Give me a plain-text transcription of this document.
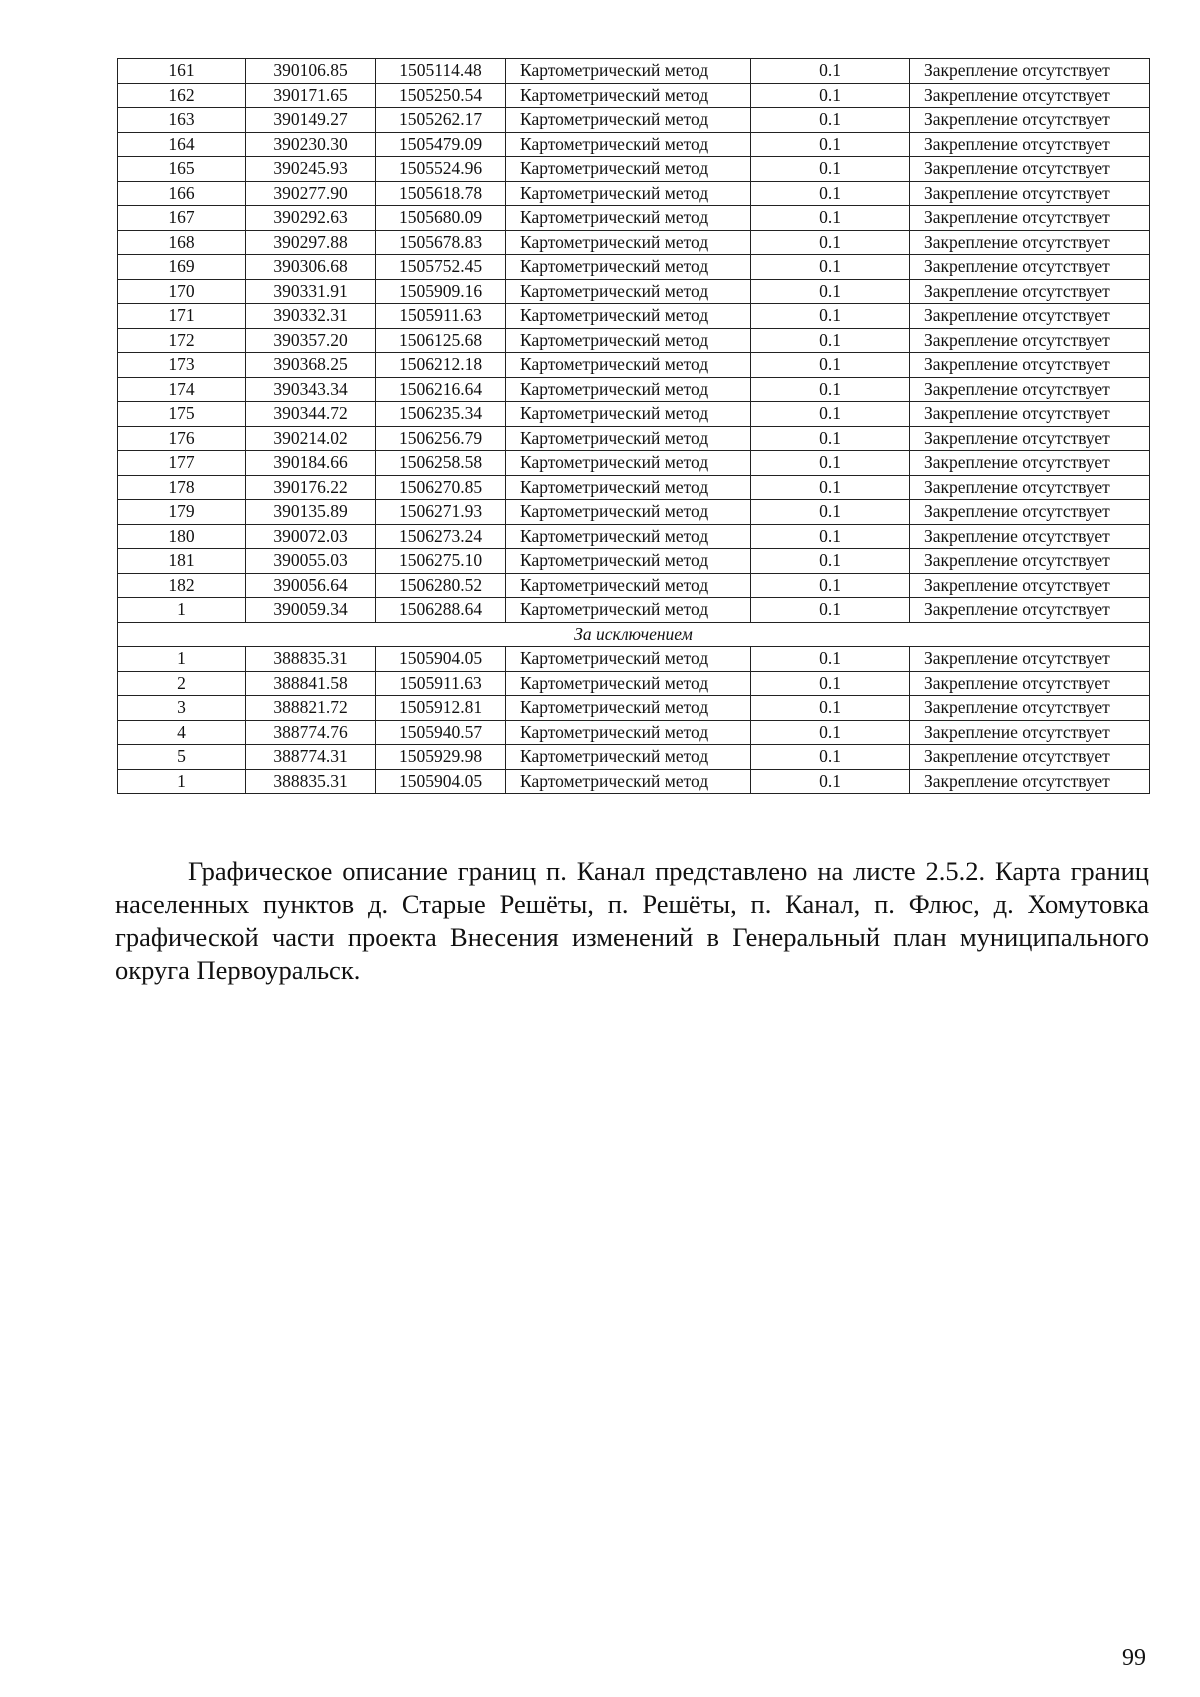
161	390106.85	1505114.48	Картометрический метод	0.1	Закрепление отсутствует
162	390171.65	1505250.54	Картометрический метод	0.1	Закрепление отсутствует
163	390149.27	1505262.17	Картометрический метод	0.1	Закрепление отсутствует
164	390230.30	1505479.09	Картометрический метод	0.1	Закрепление отсутствует
165	390245.93	1505524.96	Картометрический метод	0.1	Закрепление отсутствует
166	390277.90	1505618.78	Картометрический метод	0.1	Закрепление отсутствует
167	390292.63	1505680.09	Картометрический метод	0.1	Закрепление отсутствует
168	390297.88	1505678.83	Картометрический метод	0.1	Закрепление отсутствует
169	390306.68	1505752.45	Картометрический метод	0.1	Закрепление отсутствует
170	390331.91	1505909.16	Картометрический метод	0.1	Закрепление отсутствует
171	390332.31	1505911.63	Картометрический метод	0.1	Закрепление отсутствует
172	390357.20	1506125.68	Картометрический метод	0.1	Закрепление отсутствует
173	390368.25	1506212.18	Картометрический метод	0.1	Закрепление отсутствует
174	390343.34	1506216.64	Картометрический метод	0.1	Закрепление отсутствует
175	390344.72	1506235.34	Картометрический метод	0.1	Закрепление отсутствует
176	390214.02	1506256.79	Картометрический метод	0.1	Закрепление отсутствует
177	390184.66	1506258.58	Картометрический метод	0.1	Закрепление отсутствует
178	390176.22	1506270.85	Картометрический метод	0.1	Закрепление отсутствует
179	390135.89	1506271.93	Картометрический метод	0.1	Закрепление отсутствует
180	390072.03	1506273.24	Картометрический метод	0.1	Закрепление отсутствует
181	390055.03	1506275.10	Картометрический метод	0.1	Закрепление отсутствует
182	390056.64	1506280.52	Картометрический метод	0.1	Закрепление отсутствует
1	390059.34	1506288.64	Картометрический метод	0.1	Закрепление отсутствует
За исключением					
1	388835.31	1505904.05	Картометрический метод	0.1	Закрепление отсутствует
2	388841.58	1505911.63	Картометрический метод	0.1	Закрепление отсутствует
3	388821.72	1505912.81	Картометрический метод	0.1	Закрепление отсутствует
4	388774.76	1505940.57	Картометрический метод	0.1	Закрепление отсутствует
5	388774.31	1505929.98	Картометрический метод	0.1	Закрепление отсутствует
1	388835.31	1505904.05	Картометрический метод	0.1	Закрепление отсутствует

Графическое описание границ п. Канал представлено на листе 2.5.2. Карта границ населенных пунктов д. Старые Решёты, п. Решёты, п. Канал, п. Флюс, д. Хомутовка графической части проекта Внесения изменений в Генеральный план муниципального округа Первоуральск.

99
